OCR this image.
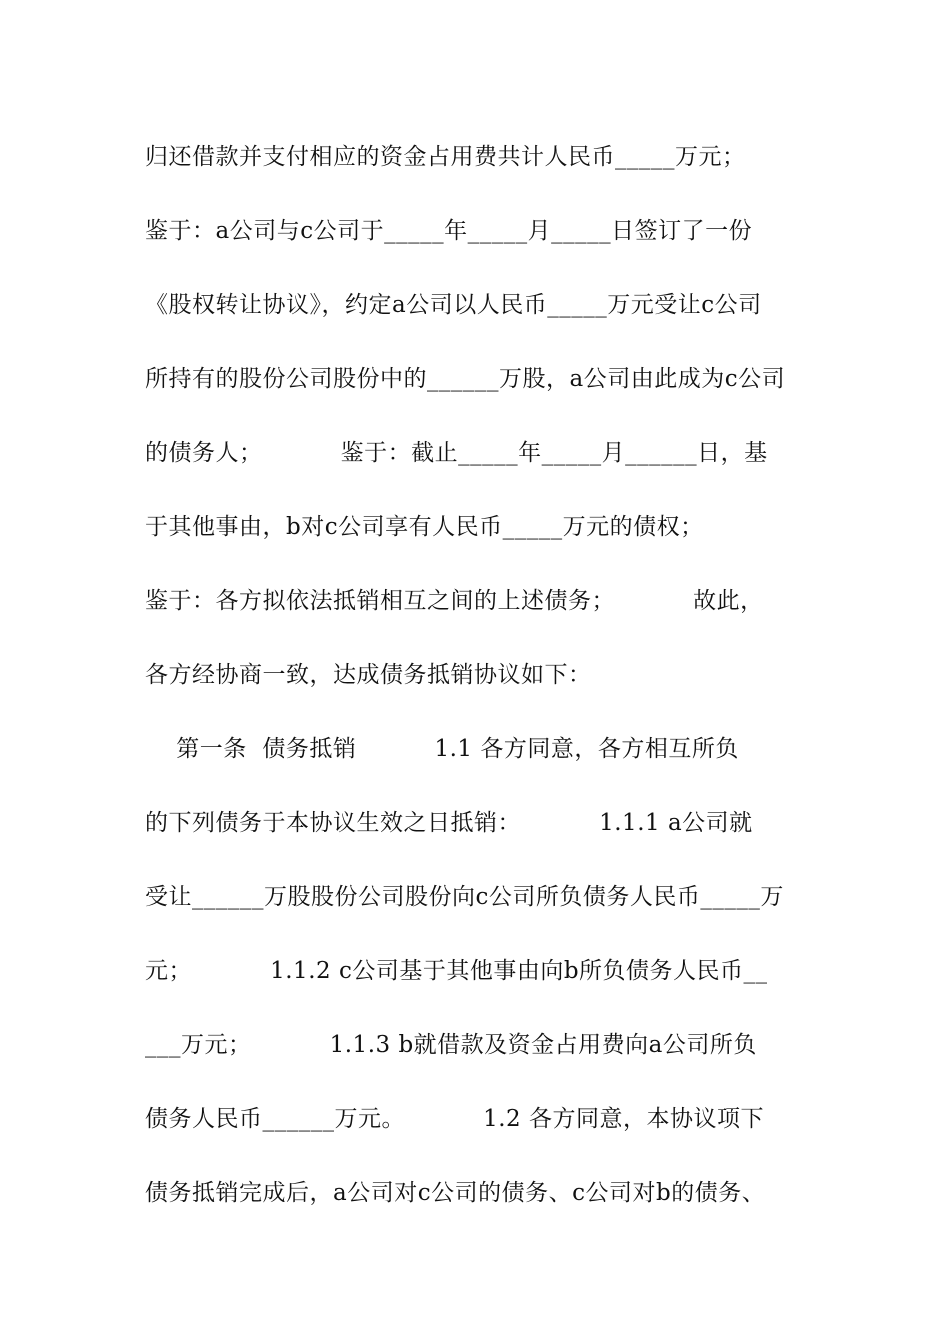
归还借款并支付相应的资金占用费共计人民币_____万元；
鉴于：a公司与c公司于_____年_____月_____日签订了一份
《股权转让协议》，约定a公司以人民币_____万元受让c公司
所持有的股份公司股份中的______万股，a公司由此成为c公司
的债务人；          鉴于：截止_____年_____月______日，基
于其他事由，b对c公司享有人民币_____万元的债权；
鉴于：各方拟依法抵销相互之间的上述债务；          故此，
各方经协商一致，达成债务抵销协议如下：
第一条  债务抵销          1.1 各方同意，各方相互所负
的下列债务于本协议生效之日抵销：          1.1.1 a公司就
受让______万股股份公司股份向c公司所负债务人民币_____万
元；          1.1.2 c公司基于其他事由向b所负债务人民币__
___万元；          1.1.3 b就借款及资金占用费向a公司所负
债务人民币______万元。          1.2 各方同意，本协议项下
债务抵销完成后，a公司对c公司的债务、c公司对b的债务、
